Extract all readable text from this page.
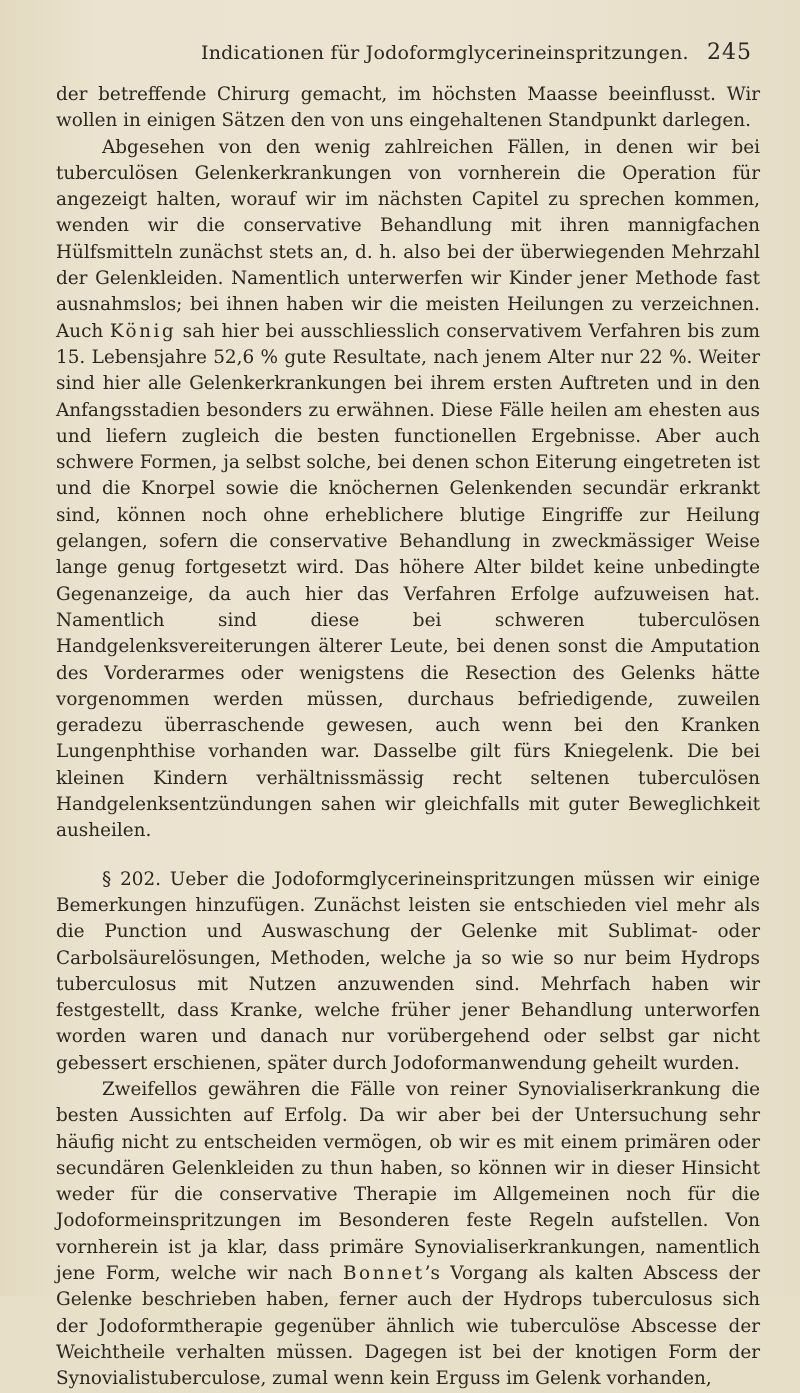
Indicationen für Jodoformglycerineinspritzungen. 245

der betreffende Chirurg gemacht, im höchsten Maasse beeinflusst. Wir wollen in einigen Sätzen den von uns eingehaltenen Standpunkt darlegen.

Abgesehen von den wenig zahlreichen Fällen, in denen wir bei tuberculösen Gelenkerkrankungen von vornherein die Operation für angezeigt halten, worauf wir im nächsten Capitel zu sprechen kommen, wenden wir die conservative Behandlung mit ihren mannigfachen Hülfsmitteln zunächst stets an, d. h. also bei der überwiegenden Mehrzahl der Gelenkleiden. Namentlich unterwerfen wir Kinder jener Methode fast ausnahmslos; bei ihnen haben wir die meisten Heilungen zu verzeichnen. Auch König sah hier bei ausschliesslich conservativem Verfahren bis zum 15. Lebensjahre 52,6 % gute Resultate, nach jenem Alter nur 22 %. Weiter sind hier alle Gelenkerkrankungen bei ihrem ersten Auftreten und in den Anfangsstadien besonders zu erwähnen. Diese Fälle heilen am ehesten aus und liefern zugleich die besten functionellen Ergebnisse. Aber auch schwere Formen, ja selbst solche, bei denen schon Eiterung eingetreten ist und die Knorpel sowie die knöchernen Gelenkenden secundär erkrankt sind, können noch ohne erheblichere blutige Eingriffe zur Heilung gelangen, sofern die conservative Behandlung in zweckmässiger Weise lange genug fortgesetzt wird. Das höhere Alter bildet keine unbedingte Gegenanzeige, da auch hier das Verfahren Erfolge aufzuweisen hat. Namentlich sind diese bei schweren tuberculösen Handgelenksvereiterungen älterer Leute, bei denen sonst die Amputation des Vorderarmes oder wenigstens die Resection des Gelenks hätte vorgenommen werden müssen, durchaus befriedigende, zuweilen geradezu überraschende gewesen, auch wenn bei den Kranken Lungenphthise vorhanden war. Dasselbe gilt fürs Kniegelenk. Die bei kleinen Kindern verhältnissmässig recht seltenen tuberculösen Handgelenksentzündungen sahen wir gleichfalls mit guter Beweglichkeit ausheilen.

§ 202. Ueber die Jodoformglycerineinspritzungen müssen wir einige Bemerkungen hinzufügen. Zunächst leisten sie entschieden viel mehr als die Punction und Auswaschung der Gelenke mit Sublimat- oder Carbolsäurelösungen, Methoden, welche ja so wie so nur beim Hydrops tuberculosus mit Nutzen anzuwenden sind. Mehrfach haben wir festgestellt, dass Kranke, welche früher jener Behandlung unterworfen worden waren und danach nur vorübergehend oder selbst gar nicht gebessert erschienen, später durch Jodoformanwendung geheilt wurden.

Zweifellos gewähren die Fälle von reiner Synovialiserkrankung die besten Aussichten auf Erfolg. Da wir aber bei der Untersuchung sehr häufig nicht zu entscheiden vermögen, ob wir es mit einem primären oder secundären Gelenkleiden zu thun haben, so können wir in dieser Hinsicht weder für die conservative Therapie im Allgemeinen noch für die Jodoformeinspritzungen im Besonderen feste Regeln aufstellen. Von vornherein ist ja klar, dass primäre Synovialiserkrankungen, namentlich jene Form, welche wir nach Bonnet’s Vorgang als kalten Abscess der Gelenke beschrieben haben, ferner auch der Hydrops tuberculosus sich der Jodoformtherapie gegenüber ähnlich wie tuberculöse Abscesse der Weichtheile verhalten müssen. Dagegen ist bei der knotigen Form der Synovialistuberculose, zumal wenn kein Erguss im Gelenk vorhanden,
